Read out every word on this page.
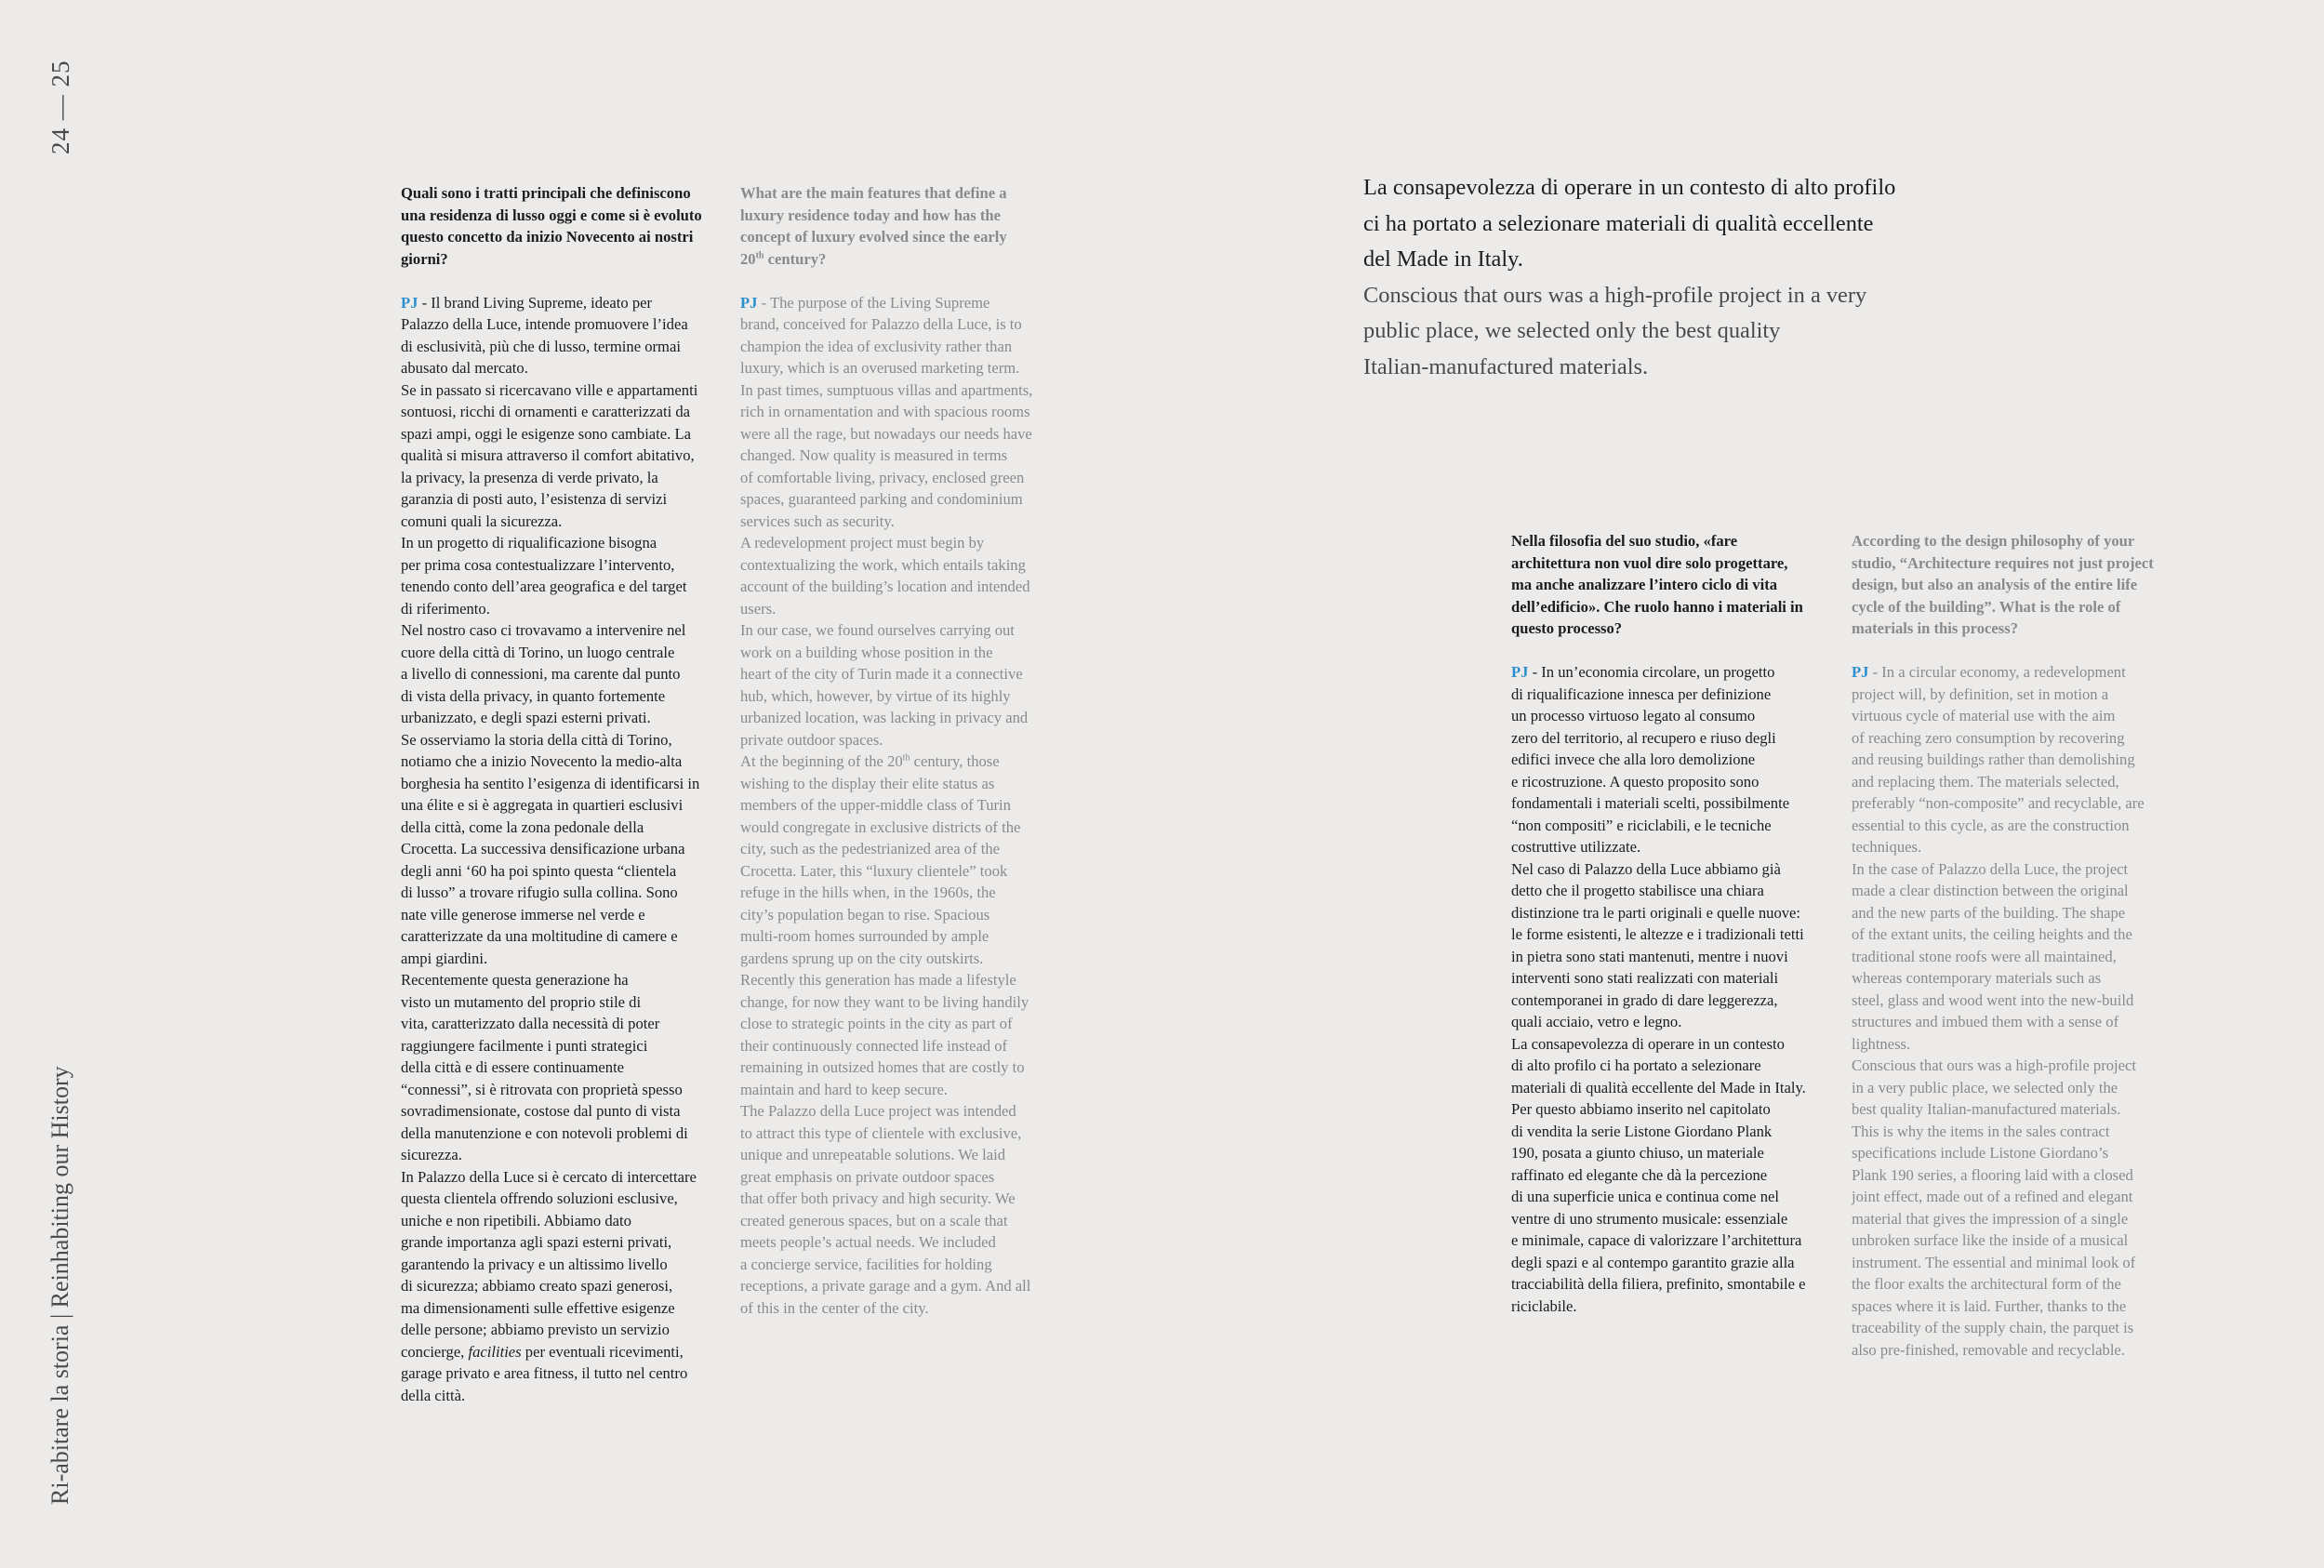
24 — 25
Ri-abitare la storia | Reinhabiting our History

Quali sono i tratti principali che definiscono

una residenza di lusso oggi e come si è evoluto

questo concetto da inizio Novecento ai nostri

giorni?

PJ - Il brand Living Supreme, ideato per

Palazzo della Luce, intende promuovere l’idea

di esclusività, più che di lusso, termine ormai

abusato dal mercato.

Se in passato si ricercavano ville e appartamenti

sontuosi, ricchi di ornamenti e caratterizzati da

spazi ampi, oggi le esigenze sono cambiate. La

qualità si misura attraverso il comfort abitativo,

la privacy, la presenza di verde privato, la

garanzia di posti auto, l’esistenza di servizi

comuni quali la sicurezza.

In un progetto di riqualificazione bisogna

per prima cosa contestualizzare l’intervento,

tenendo conto dell’area geografica e del target

di riferimento.

Nel nostro caso ci trovavamo a intervenire nel

cuore della città di Torino, un luogo centrale

a livello di connessioni, ma carente dal punto

di vista della privacy, in quanto fortemente

urbanizzato, e degli spazi esterni privati.

Se osserviamo la storia della città di Torino,

notiamo che a inizio Novecento la medio-alta

borghesia ha sentito l’esigenza di identificarsi in

una élite e si è aggregata in quartieri esclusivi

della città, come la zona pedonale della

Crocetta. La successiva densificazione urbana

degli anni ‘60 ha poi spinto questa “clientela

di lusso” a trovare rifugio sulla collina. Sono

nate ville generose immerse nel verde e

caratterizzate da una moltitudine di camere e

ampi giardini.

Recentemente questa generazione ha

visto un mutamento del proprio stile di

vita, caratterizzato dalla necessità di poter

raggiungere facilmente i punti strategici

della città e di essere continuamente

“connessi”, si è ritrovata con proprietà spesso

sovradimensionate, costose dal punto di vista

della manutenzione e con notevoli problemi di

sicurezza.

In Palazzo della Luce si è cercato di intercettare

questa clientela offrendo soluzioni esclusive,

uniche e non ripetibili. Abbiamo dato

grande importanza agli spazi esterni privati,

garantendo la privacy e un altissimo livello

di sicurezza; abbiamo creato spazi generosi,

ma dimensionamenti sulle effettive esigenze

delle persone; abbiamo previsto un servizio

concierge, facilities per eventuali ricevimenti,

garage privato e area fitness, il tutto nel centro

della città.

What are the main features that define a

luxury residence today and how has the

concept of luxury evolved since the early

20th century?

PJ - The purpose of the Living Supreme

brand, conceived for Palazzo della Luce, is to

champion the idea of exclusivity rather than

luxury, which is an overused marketing term.

In past times, sumptuous villas and apartments,

rich in ornamentation and with spacious rooms

were all the rage, but nowadays our needs have

changed. Now quality is measured in terms

of comfortable living, privacy, enclosed green

spaces, guaranteed parking and condominium

services such as security.

A redevelopment project must begin by

contextualizing the work, which entails taking

account of the building’s location and intended

users.

In our case, we found ourselves carrying out

work on a building whose position in the

heart of the city of Turin made it a connective

hub, which, however, by virtue of its highly

urbanized location, was lacking in privacy and

private outdoor spaces.

At the beginning of the 20th century, those

wishing to the display their elite status as

members of the upper-middle class of Turin

would congregate in exclusive districts of the

city, such as the pedestrianized area of the

Crocetta. Later, this “luxury clientele” took

refuge in the hills when, in the 1960s, the

city’s population began to rise. Spacious

multi-room homes surrounded by ample

gardens sprung up on the city outskirts.

Recently this generation has made a lifestyle

change, for now they want to be living handily

close to strategic points in the city as part of

their continuously connected life instead of

remaining in outsized homes that are costly to

maintain and hard to keep secure.

The Palazzo della Luce project was intended

to attract this type of clientele with exclusive,

unique and unrepeatable solutions. We laid

great emphasis on private outdoor spaces

that offer both privacy and high security. We

created generous spaces, but on a scale that

meets people’s actual needs. We included

a concierge service, facilities for holding

receptions, a private garage and a gym. And all

of this in the center of the city.

La consapevolezza di operare in un contesto di alto profilo

ci ha portato a selezionare materiali di qualità eccellente

del Made in Italy.

Conscious that ours was a high-profile project in a very

public place, we selected only the best quality

Italian-manufactured materials.

Nella filosofia del suo studio, «fare

architettura non vuol dire solo progettare,

ma anche analizzare l’intero ciclo di vita

dell’edificio». Che ruolo hanno i materiali in

questo processo?

PJ - In un’economia circolare, un progetto

di riqualificazione innesca per definizione

un processo virtuoso legato al consumo

zero del territorio, al recupero e riuso degli

edifici invece che alla loro demolizione

e ricostruzione. A questo proposito sono

fondamentali i materiali scelti, possibilmente

“non compositi” e riciclabili, e le tecniche

costruttive utilizzate.

Nel caso di Palazzo della Luce abbiamo già

detto che il progetto stabilisce una chiara

distinzione tra le parti originali e quelle nuove:

le forme esistenti, le altezze e i tradizionali tetti

in pietra sono stati mantenuti, mentre i nuovi

interventi sono stati realizzati con materiali

contemporanei in grado di dare leggerezza,

quali acciaio, vetro e legno.

La consapevolezza di operare in un contesto

di alto profilo ci ha portato a selezionare

materiali di qualità eccellente del Made in Italy.

Per questo abbiamo inserito nel capitolato

di vendita la serie Listone Giordano Plank

190, posata a giunto chiuso, un materiale

raffinato ed elegante che dà la percezione

di una superficie unica e continua come nel

ventre di uno strumento musicale: essenziale

e minimale, capace di valorizzare l’architettura

degli spazi e al contempo garantito grazie alla

tracciabilità della filiera, prefinito, smontabile e

riciclabile.

According to the design philosophy of your

studio, “Architecture requires not just project

design, but also an analysis of the entire life

cycle of the building”. What is the role of

materials in this process?

PJ - In a circular economy, a redevelopment

project will, by definition, set in motion a

virtuous cycle of material use with the aim

of reaching zero consumption by recovering

and reusing buildings rather than demolishing

and replacing them. The materials selected,

preferably “non-composite” and recyclable, are

essential to this cycle, as are the construction

techniques.

In the case of Palazzo della Luce, the project

made a clear distinction between the original

and the new parts of the building. The shape

of the extant units, the ceiling heights and the

traditional stone roofs were all maintained,

whereas contemporary materials such as

steel, glass and wood went into the new-build

structures and imbued them with a sense of

lightness.

Conscious that ours was a high-profile project

in a very public place, we selected only the

best quality Italian-manufactured materials.

This is why the items in the sales contract

specifications include Listone Giordano’s

Plank 190 series, a flooring laid with a closed

joint effect, made out of a refined and elegant

material that gives the impression of a single

unbroken surface like the inside of a musical

instrument. The essential and minimal look of

the floor exalts the architectural form of the

spaces where it is laid. Further, thanks to the

traceability of the supply chain, the parquet is

also pre-finished, removable and recyclable.
